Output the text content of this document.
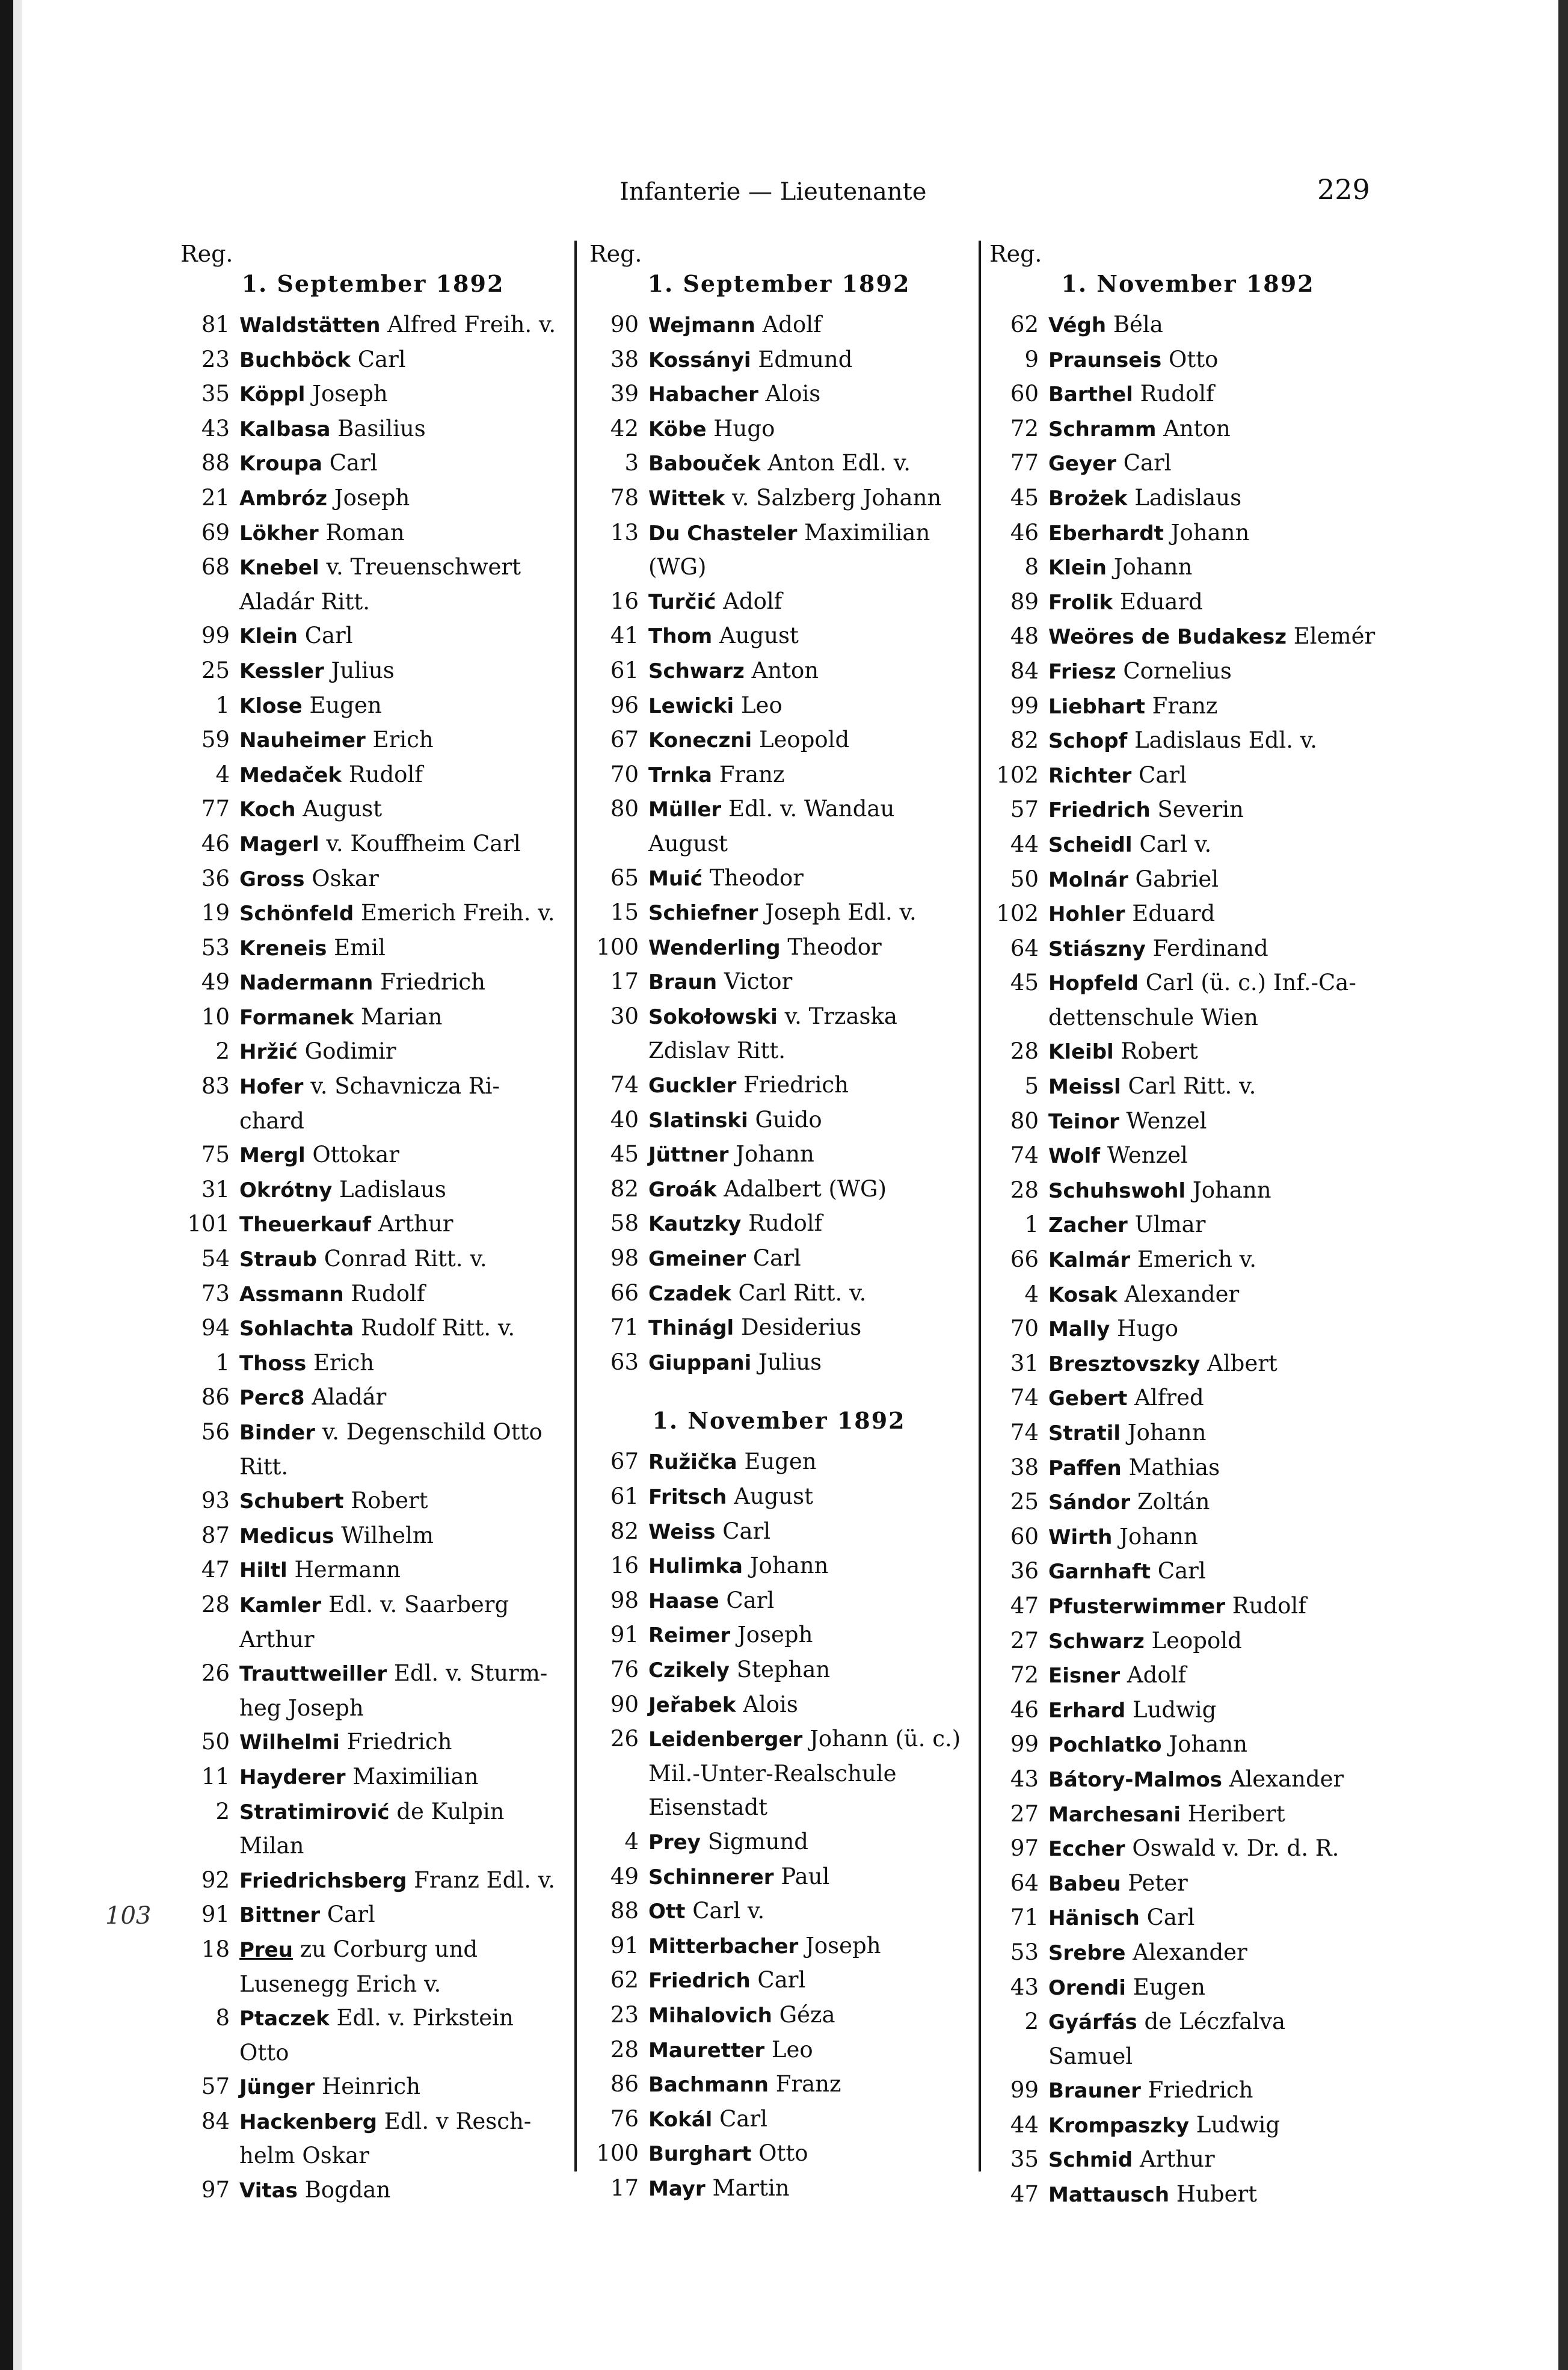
Infanterie — Lieutenante	229
103
Reg.
1. September 1892
81 Waldstätten Alfred Freih. v.
23 Buchböck Carl
35 Köppl Joseph
43 Kalbasa Basilius
88 Kroupa Carl
21 Ambróz Joseph
69 Lökher Roman
68 Knebel v. Treuenschwert
Aladár Ritt.
99 Klein Carl
25 Kessler Julius
1 Klose Eugen
59 Nauheimer Erich
4 Medaček Rudolf
77 Koch August
46 Magerl v. Kouffheim Carl
36 Gross Oskar
19 Schönfeld Emerich Freih. v.
53 Kreneis Emil
49 Nadermann Friedrich
10 Formanek Marian
2 Hržić Godimir
83 Hofer v. Schavnicza Ri-
chard
75 Mergl Ottokar
31 Okrótny Ladislaus
101 Theuerkauf Arthur
54 Straub Conrad Ritt. v.
73 Assmann Rudolf
94 Sohlachta Rudolf Ritt. v.
1 Thoss Erich
86 Perc8 Aladár
56 Binder v. Degenschild Otto
Ritt.
93 Schubert Robert
87 Medicus Wilhelm
47 Hiltl Hermann
28 Kamler Edl. v. Saarberg
Arthur
26 Trauttweiller Edl. v. Sturm-
heg Joseph
50 Wilhelmi Friedrich
11 Hayderer Maximilian
2 Stratimirović de Kulpin
Milan
92 Friedrichsberg Franz Edl. v.
91 Bittner Carl
18 Preu zu Corburg und
Lusenegg Erich v.
8 Ptaczek Edl. v. Pirkstein
Otto
57 Jünger Heinrich
84 Hackenberg Edl. v Resch-
helm Oskar
97 Vitas Bogdan
Reg.
1. September 1892
90 Wejmann Adolf
38 Kossányi Edmund
39 Habacher Alois
42 Köbe Hugo
3 Babouček Anton Edl. v.
78 Wittek v. Salzberg Johann
13 Du Chasteler Maximilian
(WG)
16 Turčić Adolf
41 Thom August
61 Schwarz Anton
96 Lewicki Leo
67 Koneczni Leopold
70 Trnka Franz
80 Müller Edl. v. Wandau
August
65 Muić Theodor
15 Schiefner Joseph Edl. v.
100 Wenderling Theodor
17 Braun Victor
30 Sokołowski v. Trzaska
Zdislav Ritt.
74 Guckler Friedrich
40 Slatinski Guido
45 Jüttner Johann
82 Groák Adalbert (WG)
58 Kautzky Rudolf
98 Gmeiner Carl
66 Czadek Carl Ritt. v.
71 Thinágl Desiderius
63 Giuppani Julius
1. November 1892
67 Ružička Eugen
61 Fritsch August
82 Weiss Carl
16 Hulimka Johann
98 Haase Carl
91 Reimer Joseph
76 Czikely Stephan
90 Jeřabek Alois
26 Leidenberger Johann (ü. c.)
Mil.-Unter-Realschule
Eisenstadt
4 Prey Sigmund
49 Schinnerer Paul
88 Ott Carl v.
91 Mitterbacher Joseph
62 Friedrich Carl
23 Mihalovich Géza
28 Mauretter Leo
86 Bachmann Franz
76 Kokál Carl
100 Burghart Otto
17 Mayr Martin
Reg.
1. November 1892
62 Végh Béla
9 Praunseis Otto
60 Barthel Rudolf
72 Schramm Anton
77 Geyer Carl
45 Brożek Ladislaus
46 Eberhardt Johann
8 Klein Johann
89 Frolik Eduard
48 Weöres de Budakesz Elemér
84 Friesz Cornelius
99 Liebhart Franz
82 Schopf Ladislaus Edl. v.
102 Richter Carl
57 Friedrich Severin
44 Scheidl Carl v.
50 Molnár Gabriel
102 Hohler Eduard
64 Stiászny Ferdinand
45 Hopfeld Carl (ü. c.) Inf.-Ca-
dettenschule Wien
28 Kleibl Robert
5 Meissl Carl Ritt. v.
80 Teinor Wenzel
74 Wolf Wenzel
28 Schuhswohl Johann
1 Zacher Ulmar
66 Kalmár Emerich v.
4 Kosak Alexander
70 Mally Hugo
31 Bresztovszky Albert
74 Gebert Alfred
74 Stratil Johann
38 Paffen Mathias
25 Sándor Zoltán
60 Wirth Johann
36 Garnhaft Carl
47 Pfusterwimmer Rudolf
27 Schwarz Leopold
72 Eisner Adolf
46 Erhard Ludwig
99 Pochlatko Johann
43 Bátory-Malmos Alexander
27 Marchesani Heribert
97 Eccher Oswald v. Dr. d. R.
64 Babeu Peter
71 Hänisch Carl
53 Srebre Alexander
43 Orendi Eugen
2 Gyárfás de Léczfalva
Samuel
99 Brauner Friedrich
44 Krompaszky Ludwig
35 Schmid Arthur
47 Mattausch Hubert
